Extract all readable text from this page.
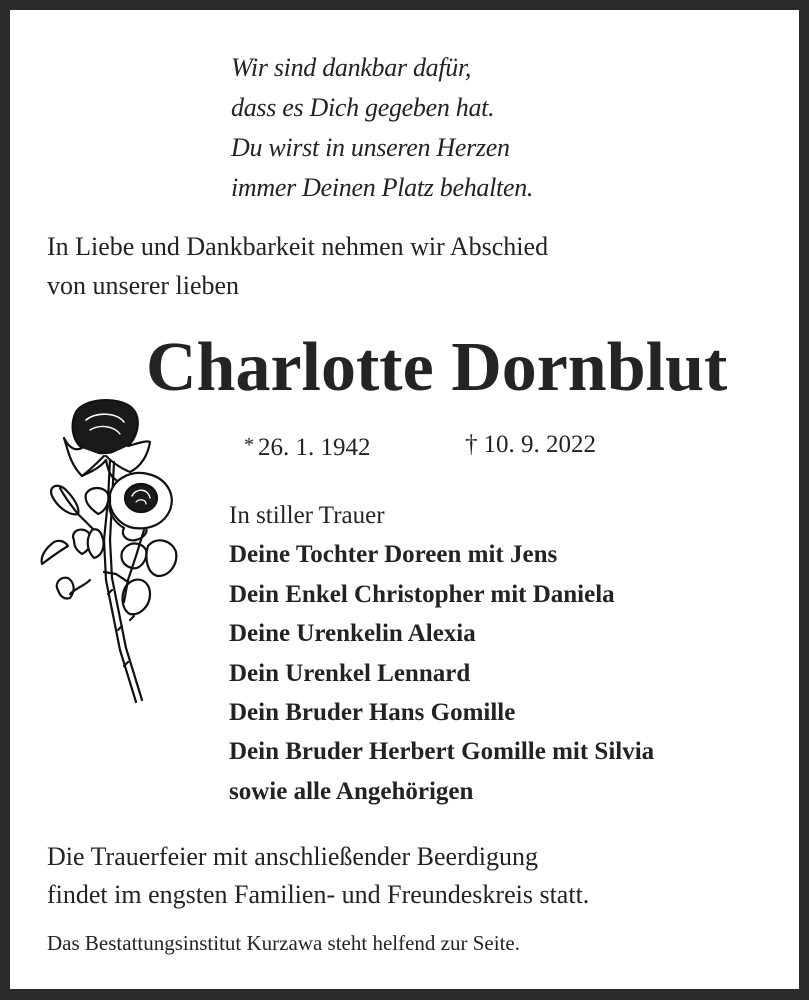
Wir sind dankbar dafür,
dass es Dich gegeben hat.
Du wirst in unseren Herzen
immer Deinen Platz behalten.
In Liebe und Dankbarkeit nehmen wir Abschied
von unserer lieben
Charlotte Dornblut
* 26. 1. 1942	† 10. 9. 2022
In stiller Trauer
Deine Tochter Doreen mit Jens
Dein Enkel Christopher mit Daniela
Deine Urenkelin Alexia
Dein Urenkel Lennard
Dein Bruder Hans Gomille
Dein Bruder Herbert Gomille mit Silvia
sowie alle Angehörigen
Die Trauerfeier mit anschließender Beerdigung
findet im engsten Familien- und Freundeskreis statt.
Das Bestattungsinstitut Kurzawa steht helfend zur Seite.
